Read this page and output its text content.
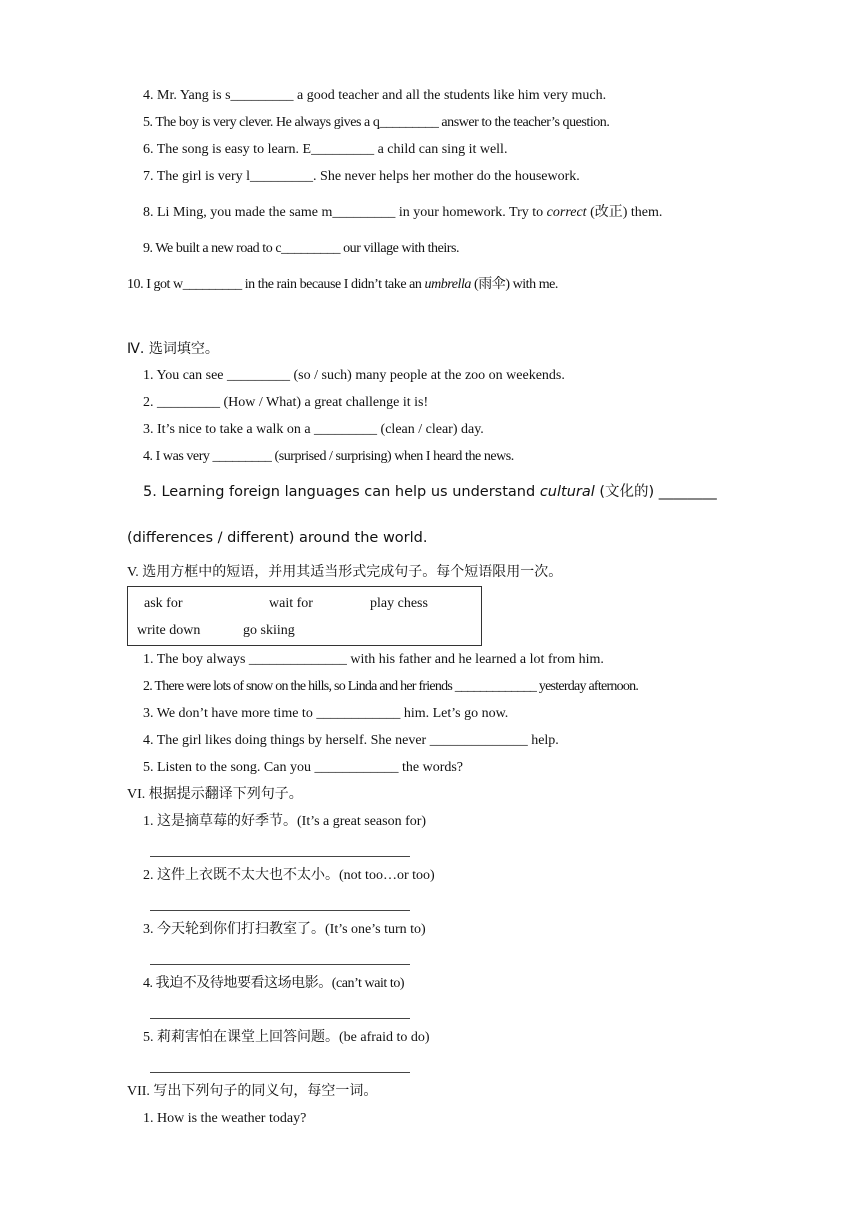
4. Mr. Yang is s_________ a good teacher and all the students like him very much.
5. The boy is very clever. He always gives a q_________ answer to the teacher’s question.
6. The song is easy to learn. E_________ a child can sing it well.
7. The girl is very l_________. She never helps her mother do the housework.
8. Li Ming, you made the same m_________ in your homework. Try to correct (改正) them.
9. We built a new road to c_________ our village with theirs.
10. I got w_________ in the rain because I didn’t take an umbrella (雨伞) with me.
Ⅳ. 选词填空。
1. You can see _________ (so / such) many people at the zoo on weekends.
2. _________ (How / What) a great challenge it is!
3. It’s nice to take a walk on a _________ (clean / clear) day.
4. I was very _________ (surprised / surprising) when I heard the news.
5. Learning foreign languages can help us understand cultural (文化的) ________
(differences / different) around the world.
V. 选用方框中的短语，并用其适当形式完成句子。每个短语限用一次。
ask for	wait for	play chess
write down	go skiing
1. The boy always ______________ with his father and he learned a lot from him.
2. There were lots of snow on the hills, so Linda and her friends _____________ yesterday afternoon.
3. We don’t have more time to ____________ him. Let’s go now.
4. The girl likes doing things by herself. She never ______________ help.
5. Listen to the song. Can you ____________ the words?
VI. 根据提示翻译下列句子。
1. 这是摘草莓的好季节。(It’s a great season for)
2. 这件上衣既不太大也不太小。(not too…or too)
3. 今天轮到你们打扫教室了。(It’s one’s turn to)
4. 我迫不及待地要看这场电影。(can’t wait to)
5. 莉莉害怕在课堂上回答问题。(be afraid to do)
VII. 写出下列句子的同义句，每空一词。
1. How is the weather today?
